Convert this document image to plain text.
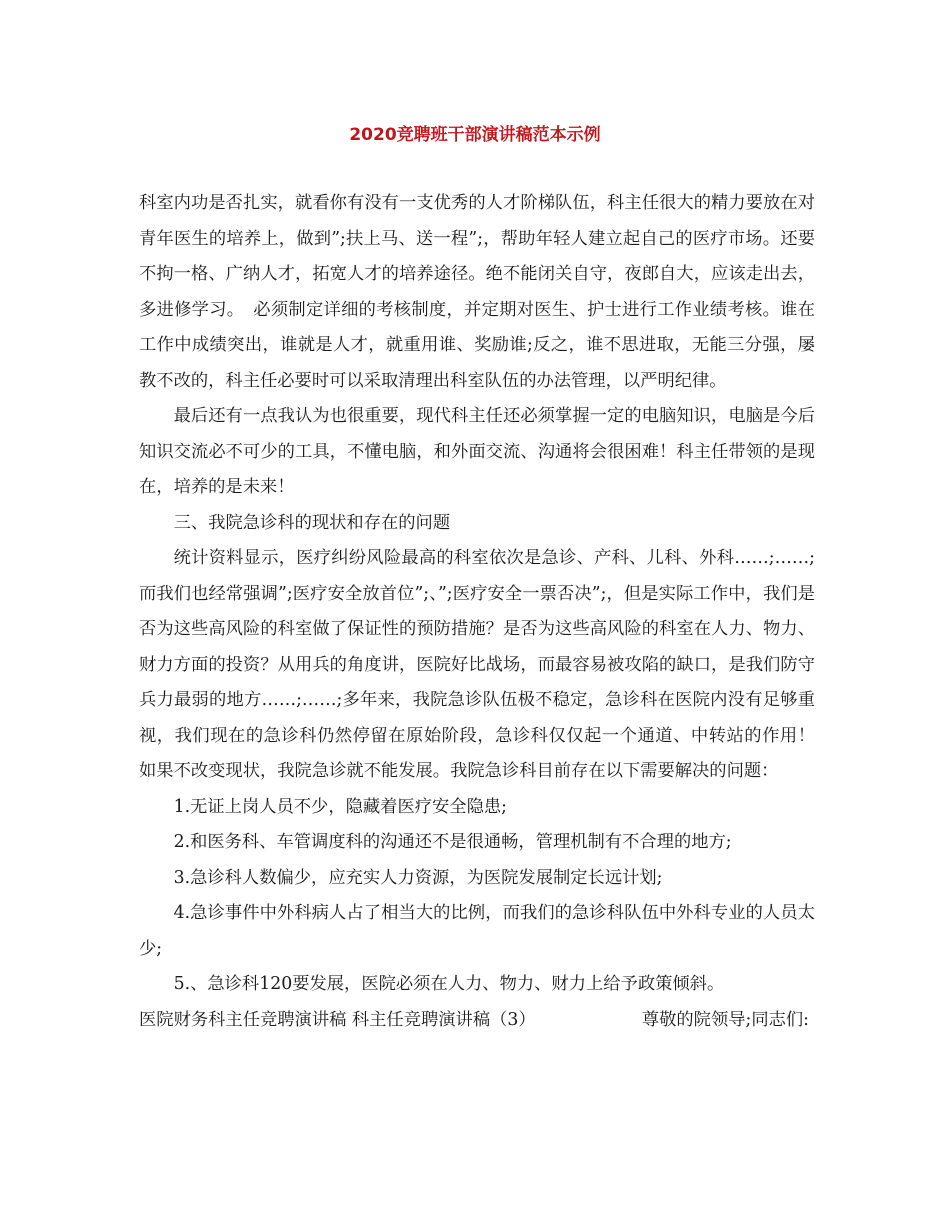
2020竞聘班干部演讲稿范本示例

科室内功是否扎实，就看你有没有一支优秀的人才阶梯队伍，科主任很大的精力要放在对青年医生的培养上，做到”;扶上马、送一程”;，帮助年轻人建立起自己的医疗市场。还要不拘一格、广纳人才，拓宽人才的培养途径。绝不能闭关自守，夜郎自大，应该走出去，多进修学习。　必须制定详细的考核制度，并定期对医生、护士进行工作业绩考核。谁在工作中成绩突出，谁就是人才，就重用谁、奖励谁;反之，谁不思进取，无能三分强，屡教不改的，科主任必要时可以采取清理出科室队伍的办法管理，以严明纪律。

最后还有一点我认为也很重要，现代科主任还必须掌握一定的电脑知识，电脑是今后知识交流必不可少的工具，不懂电脑，和外面交流、沟通将会很困难！科主任带领的是现在，培养的是未来！

三、我院急诊科的现状和存在的问题

统计资料显示，医疗纠纷风险最高的科室依次是急诊、产科、儿科、外科……;……;而我们也经常强调”;医疗安全放首位”;、”;医疗安全一票否决”;，但是实际工作中，我们是否为这些高风险的科室做了保证性的预防措施？是否为这些高风险的科室在人力、物力、财力方面的投资？从用兵的角度讲，医院好比战场，而最容易被攻陷的缺口，是我们防守兵力最弱的地方……;……;多年来，我院急诊队伍极不稳定，急诊科在医院内没有足够重视，我们现在的急诊科仍然停留在原始阶段，急诊科仅仅起一个通道、中转站的作用！　如果不改变现状，我院急诊就不能发展。我院急诊科目前存在以下需要解决的问题：

1.无证上岗人员不少，隐藏着医疗安全隐患;

2.和医务科、车管调度科的沟通还不是很通畅，管理机制有不合理的地方;

3.急诊科人数偏少，应充实人力资源，为医院发展制定长远计划;

4.急诊事件中外科病人占了相当大的比例，而我们的急诊科队伍中外科专业的人员太少;

5.、急诊科120要发展，医院必须在人力、物力、财力上给予政策倾斜。

医院财务科主任竞聘演讲稿 科主任竞聘演讲稿（3）	尊敬的院领导;同志们:
